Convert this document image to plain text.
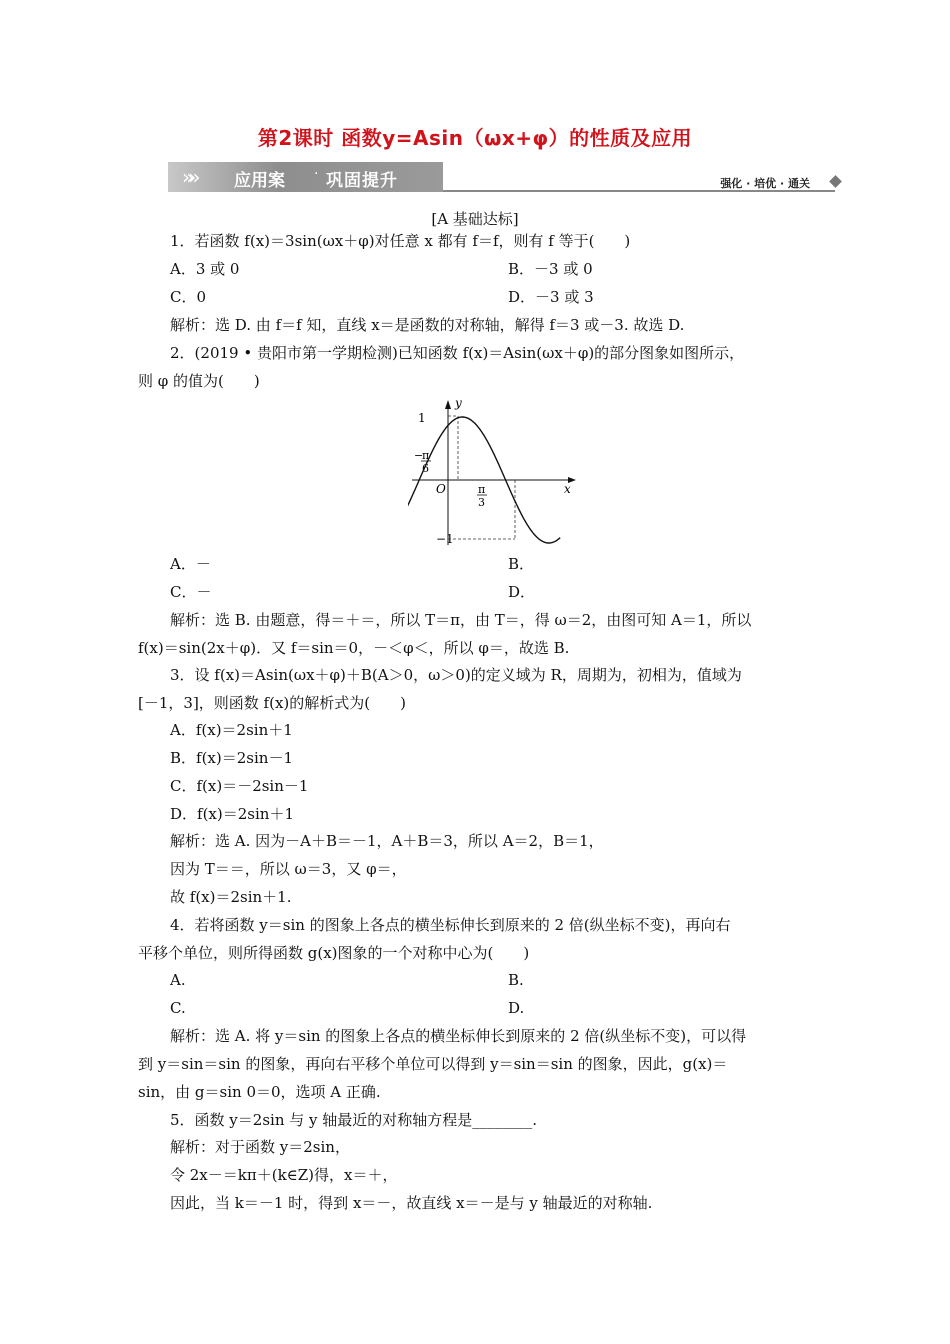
第2课时 函数y=Asin（ωx+φ）的性质及应用
»» 应用案 · 巩固提升	强化 · 培优 · 通关
[A 基础达标]
1．若函数 f(x)＝3sin(ωx＋φ)对任意 x 都有 f＝f，则有 f 等于(　　)
A．3 或 0	B．－3 或 0
C．0	D．－3 或 3
解析：选 D. 由 f＝f 知，直线 x＝是函数的对称轴，解得 f＝3 或－3. 故选 D.
2．(2019 • 贵阳市第一学期检测)已知函数 f(x)＝Asin(ωx＋φ)的部分图象如图所示，
则 φ 的值为(　　)
y
x
O
1
−1
−
π
6
π
3
A．－	B．
C．－	D．
解析：选 B. 由题意，得＝＋＝，所以 T＝π，由 T＝，得 ω＝2，由图可知 A＝1，所以
f(x)＝sin(2x＋φ)．又 f＝sin＝0，－＜φ＜，所以 φ＝，故选 B.
3．设 f(x)＝Asin(ωx＋φ)＋B(A＞0，ω＞0)的定义域为 R，周期为，初相为，值域为
[－1，3]，则函数 f(x)的解析式为(　　)
A．f(x)＝2sin＋1
B．f(x)＝2sin－1
C．f(x)＝－2sin－1
D．f(x)＝2sin＋1
解析：选 A. 因为－A＋B＝－1，A＋B＝3，所以 A＝2，B＝1，
因为 T＝＝，所以 ω＝3，又 φ＝，
故 f(x)＝2sin＋1.
4．若将函数 y＝sin 的图象上各点的横坐标伸长到原来的 2 倍(纵坐标不变)，再向右
平移个单位，则所得函数 g(x)图象的一个对称中心为(　　)
A.	B.
C.	D.
解析：选 A. 将 y＝sin 的图象上各点的横坐标伸长到原来的 2 倍(纵坐标不变)，可以得
到 y＝sin＝sin 的图象，再向右平移个单位可以得到 y＝sin＝sin 的图象，因此，g(x)＝
sin，由 g＝sin 0＝0，选项 A 正确.
5．函数 y＝2sin 与 y 轴最近的对称轴方程是________.
解析：对于函数 y＝2sin，
令 2x－＝kπ＋(k∈Z)得，x＝＋，
因此，当 k＝－1 时，得到 x＝－，故直线 x＝－是与 y 轴最近的对称轴.
